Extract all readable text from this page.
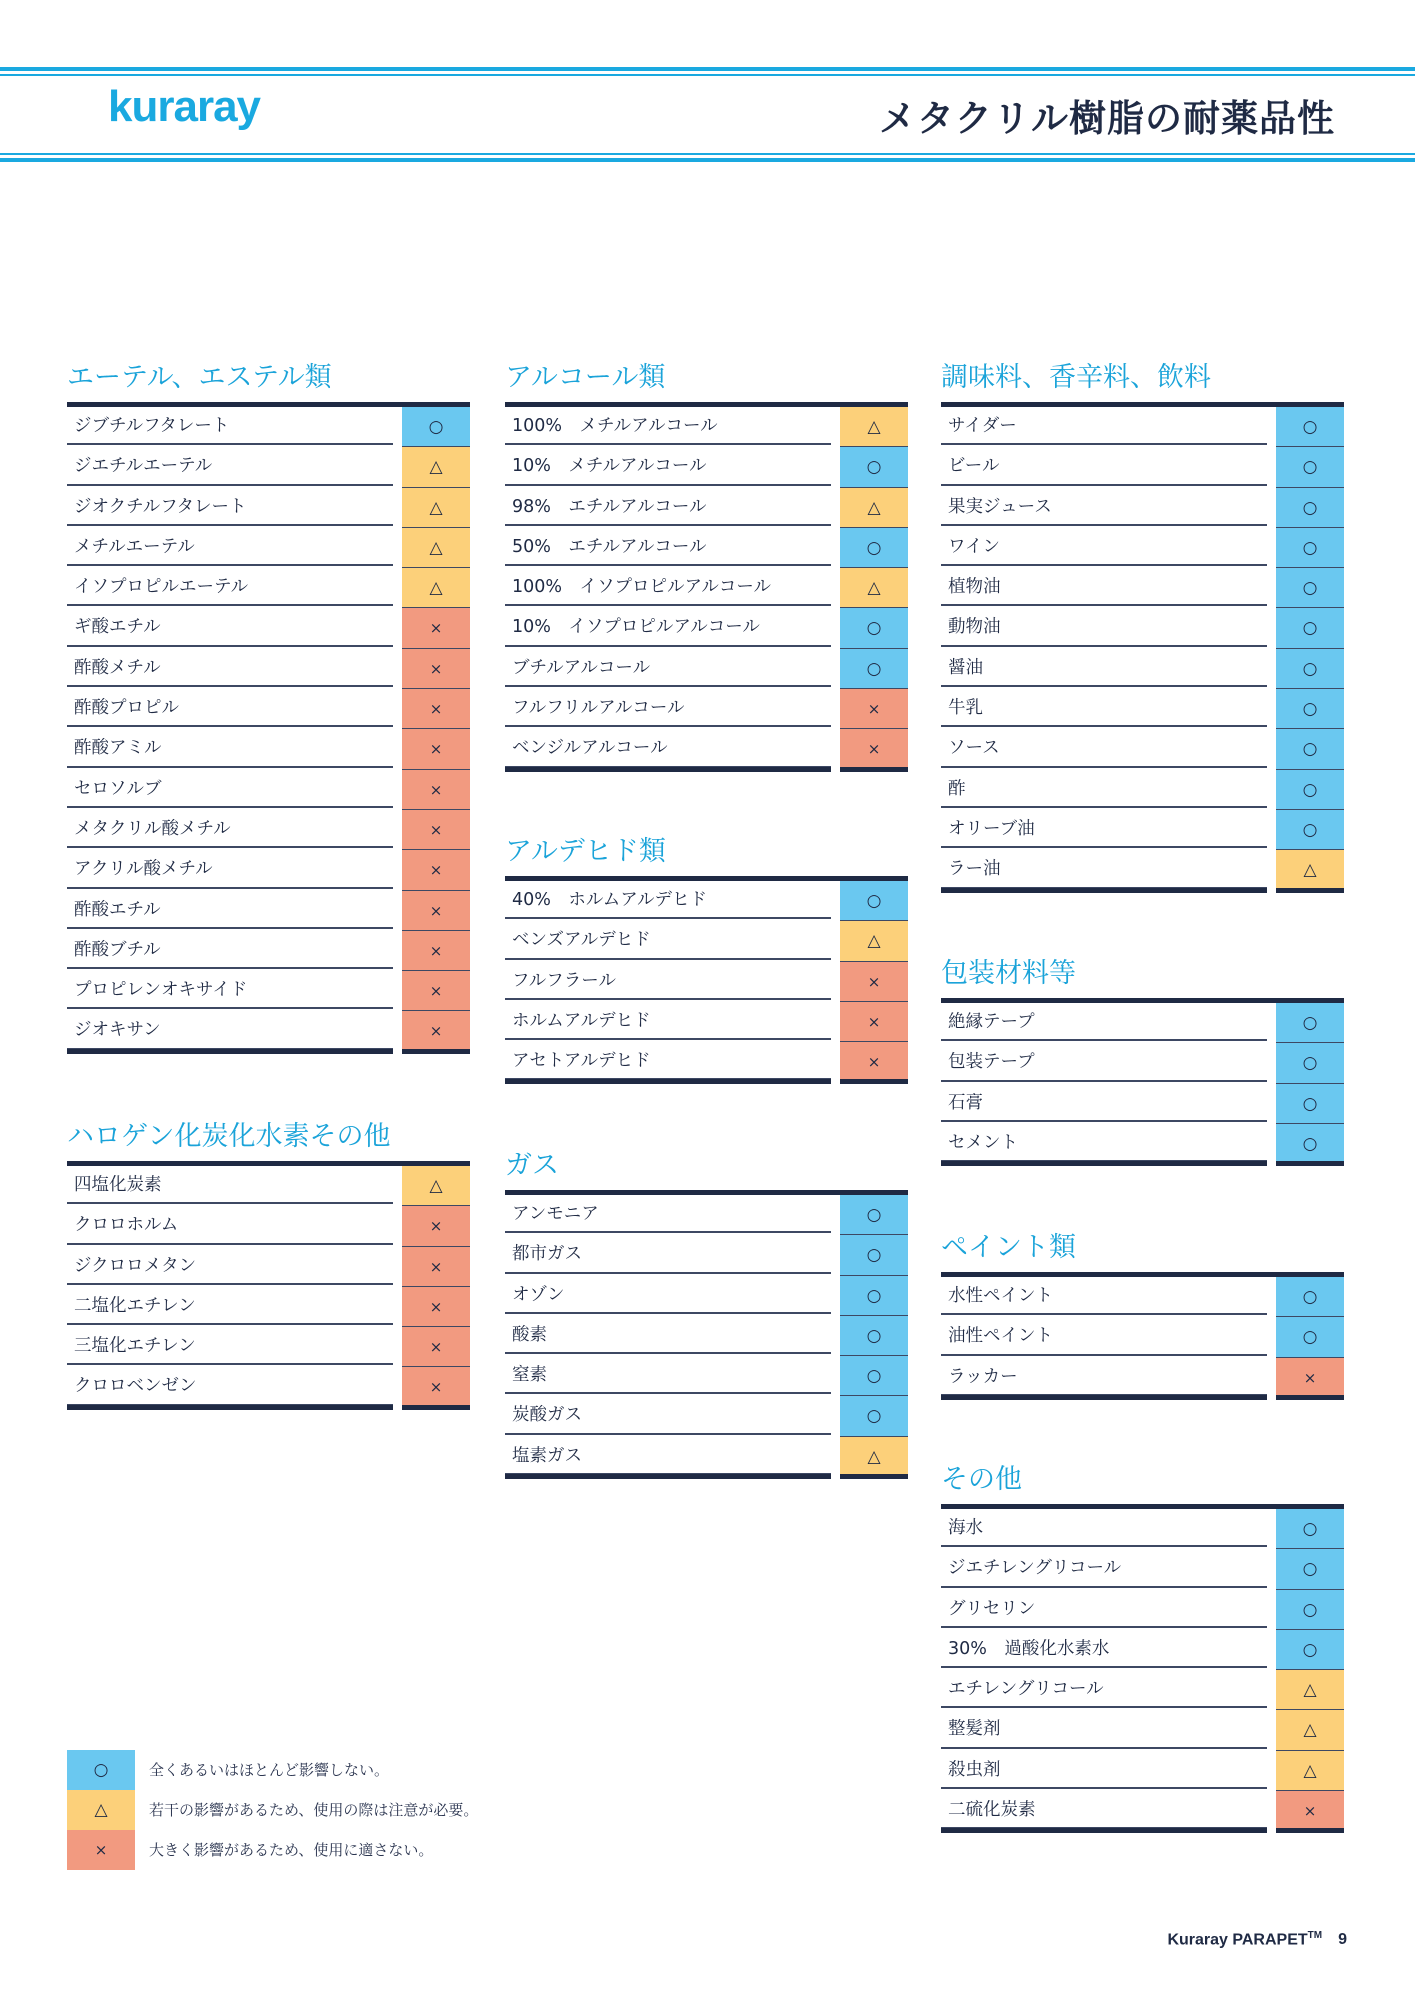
kuraray	メタクリル樹脂の耐薬品性
エーテル、エステル類
ジブチルフタレート	○
ジエチルエーテル	△
ジオクチルフタレート	△
メチルエーテル	△
イソプロピルエーテル	△
ギ酸エチル	×
酢酸メチル	×
酢酸プロピル	×
酢酸アミル	×
セロソルブ	×
メタクリル酸メチル	×
アクリル酸メチル	×
酢酸エチル	×
酢酸ブチル	×
プロピレンオキサイド	×
ジオキサン	×
ハロゲン化炭化水素その他
四塩化炭素	△
クロロホルム	×
ジクロロメタン	×
二塩化エチレン	×
三塩化エチレン	×
クロロベンゼン	×
アルコール類
100%　メチルアルコール	△
10%　メチルアルコール	○
98%　エチルアルコール	△
50%　エチルアルコール	○
100%　イソプロピルアルコール	△
10%　イソプロピルアルコール	○
ブチルアルコール	○
フルフリルアルコール	×
ベンジルアルコール	×
アルデヒド類
40%　ホルムアルデヒド	○
ベンズアルデヒド	△
フルフラール	×
ホルムアルデヒド	×
アセトアルデヒド	×
ガス
アンモニア	○
都市ガス	○
オゾン	○
酸素	○
窒素	○
炭酸ガス	○
塩素ガス	△
調味料、香辛料、飲料
サイダー	○
ビール	○
果実ジュース	○
ワイン	○
植物油	○
動物油	○
醤油	○
牛乳	○
ソース	○
酢	○
オリーブ油	○
ラー油	△
包装材料等
絶縁テープ	○
包装テープ	○
石膏	○
セメント	○
ペイント類
水性ペイント	○
油性ペイント	○
ラッカー	×
その他
海水	○
ジエチレングリコール	○
グリセリン	○
30%　過酸化水素水	○
エチレングリコール	△
整髪剤	△
殺虫剤	△
二硫化炭素	×
○	全くあるいはほとんど影響しない。
△	若干の影響があるため、使用の際は注意が必要。
×	大きく影響があるため、使用に適さない。
Kuraray PARAPET™ 9
